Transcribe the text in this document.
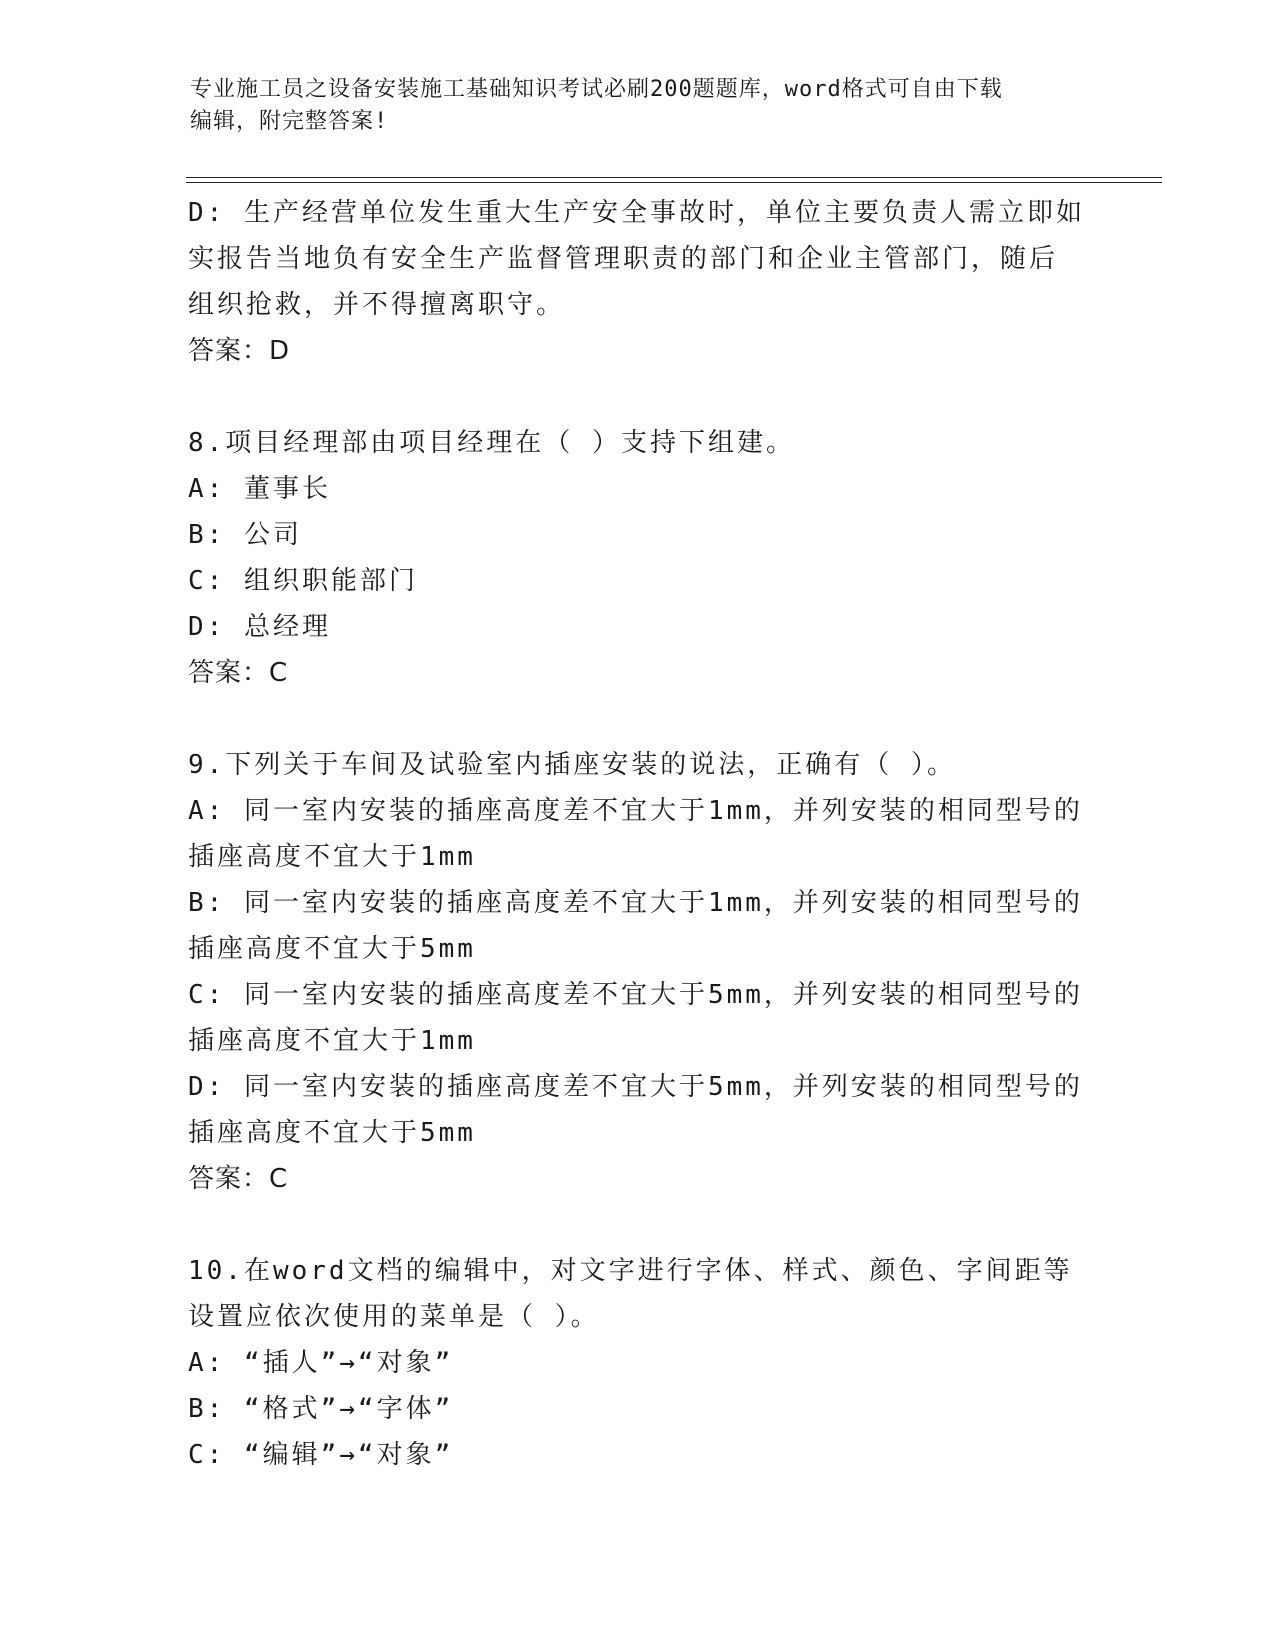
专业施工员之设备安装施工基础知识考试必刷200题题库，word格式可自由下载
编辑，附完整答案!
D: 生产经营单位发生重大生产安全事故时，单位主要负责人需立即如
实报告当地负有安全生产监督管理职责的部门和企业主管部门，随后
组织抢救，并不得擅离职守。
答案：D
8.项目经理部由项目经理在（ ）支持下组建。
A: 董事长
B: 公司
C: 组织职能部门
D: 总经理
答案：C
9.下列关于车间及试验室内插座安装的说法，正确有（ ）。
A: 同一室内安装的插座高度差不宜大于1mm，并列安装的相同型号的
插座高度不宜大于1mm
B: 同一室内安装的插座高度差不宜大于1mm，并列安装的相同型号的
插座高度不宜大于5mm
C: 同一室内安装的插座高度差不宜大于5mm，并列安装的相同型号的
插座高度不宜大于1mm
D: 同一室内安装的插座高度差不宜大于5mm，并列安装的相同型号的
插座高度不宜大于5mm
答案：C
10.在word文档的编辑中，对文字进行字体、样式、颜色、字间距等
设置应依次使用的菜单是（ ）。
A: “插人”→“对象”
B: “格式”→“字体”
C: “编辑”→“对象”
